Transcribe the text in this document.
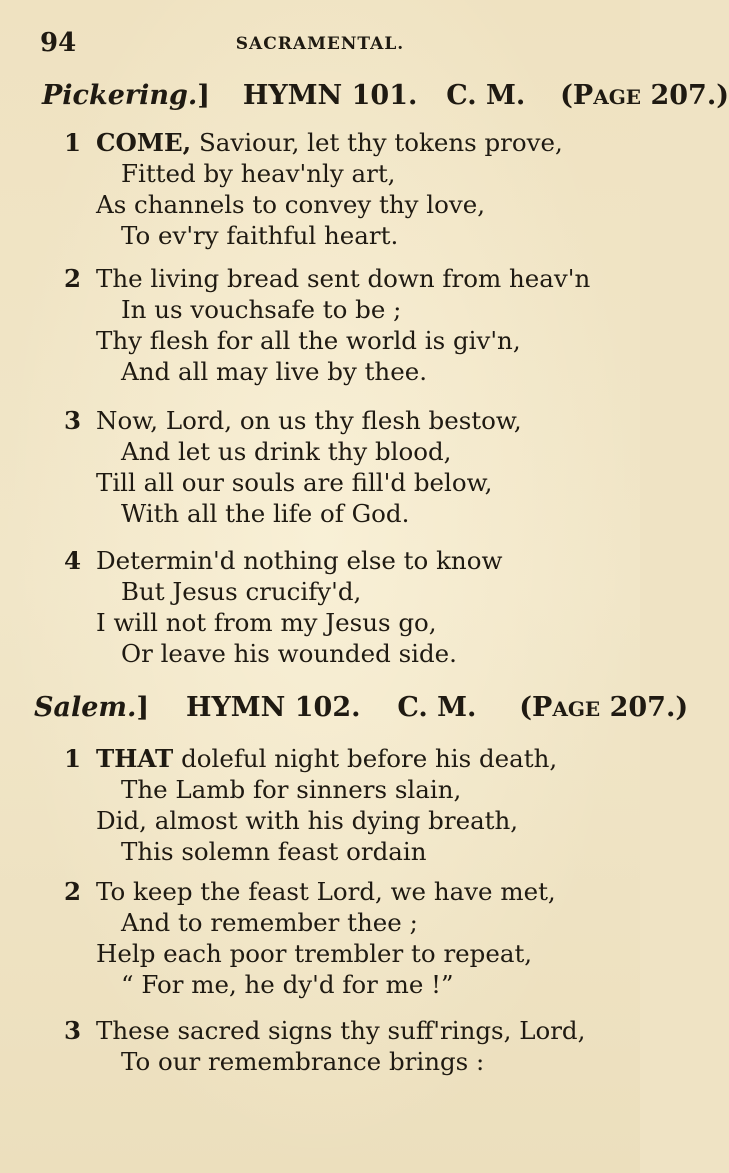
94	SACRAMENTAL.
Pickering.] HYMN 101. C. M. (PAGE 207.)
1 COME, Saviour, let thy tokens prove,
Fitted by heav'nly art,
As channels to convey thy love,
To ev'ry faithful heart.
2 The living bread sent down from heav'n
In us vouchsafe to be ;
Thy flesh for all the world is giv'n,
And all may live by thee.
3 Now, Lord, on us thy flesh bestow,
And let us drink thy blood,
Till all our souls are fill'd below,
With all the life of God.
4 Determin'd nothing else to know
But Jesus crucify'd,
I will not from my Jesus go,
Or leave his wounded side.
Salem.] HYMN 102. C. M. (PAGE 207.)
1 THAT doleful night before his death,
The Lamb for sinners slain,
Did, almost with his dying breath,
This solemn feast ordain
2 To keep the feast Lord, we have met,
And to remember thee ;
Help each poor trembler to repeat,
“ For me, he dy'd for me !”
3 These sacred signs thy suff'rings, Lord,
To our remembrance brings :
